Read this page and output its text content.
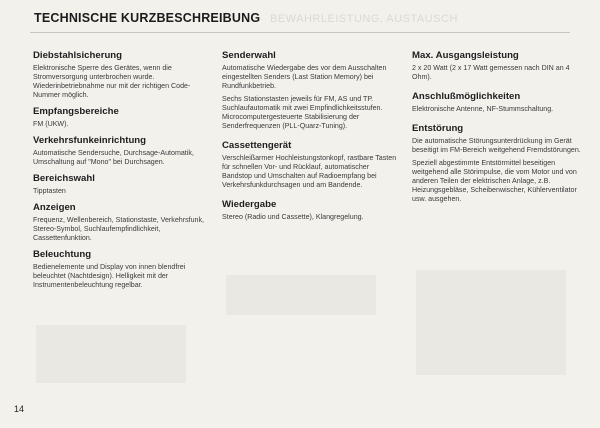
TECHNISCHE KURZBESCHREIBUNG BEWAHRLEISTUNG, AUSTAUSCH
Diebstahlsicherung

Elektronische Sperre des Gerätes, wenn die Stromversorgung unterbrochen wurde. Wiederinbetriebnahme nur mit der richtigen Code-Nummer möglich.

Empfangsbereiche

FM (UKW).

Verkehrsfunkeinrichtung

Automatische Sendersuche, Durchsage-Automatik, Umschaltung auf "Mono" bei Durchsagen.

Bereichswahl

Tipptasten

Anzeigen

Frequenz, Wellenbereich, Stationstaste, Verkehrsfunk, Stereo-Symbol, Suchlaufempfindlichkeit, Cassettenfunktion.

Beleuchtung

Bedienelemente und Display von innen blendfrei beleuchtet (Nachtdesign). Helligkeit mit der Instrumentenbeleuchtung regelbar.

Senderwahl

Automatische Wiedergabe des vor dem Ausschalten eingestellten Senders (Last Station Memory) bei Rundfunkbetrieb.

Sechs Stationstasten jeweils für FM, AS und TP. Suchlaufautomatik mit zwei Empfindlichkeitsstufen. Microcomputergesteuerte Stabilisierung der Senderfrequenzen (PLL-Quarz-Tuning).

Cassettengerät

Verschleißarmer Hochleistungstonkopf, rastbare Tasten für schnellen Vor- und Rücklauf, automatischer Bandstop und Umschalten auf Radioempfang bei Verkehrsfunkdurchsagen und am Bandende.

Wiedergabe

Stereo (Radio und Cassette), Klangregelung.

Max. Ausgangsleistung

2 x 20 Watt (2 x 17 Watt gemessen nach DIN an 4 Ohm).

Anschlußmöglichkeiten

Elektronische Antenne, NF-Stummschaltung.

Entstörung

Die automatische Störungsunterdrückung im Gerät beseitigt im FM-Bereich weitgehend Fremdstörungen.

Speziell abgestimmte Entstörmittel beseitigen weitgehend alle Störimpulse, die vom Motor und von anderen Teilen der elektrischen Anlage, z.B. Heizungsgebläse, Scheibenwischer, Kühlerventilator usw. ausgehen.

14
